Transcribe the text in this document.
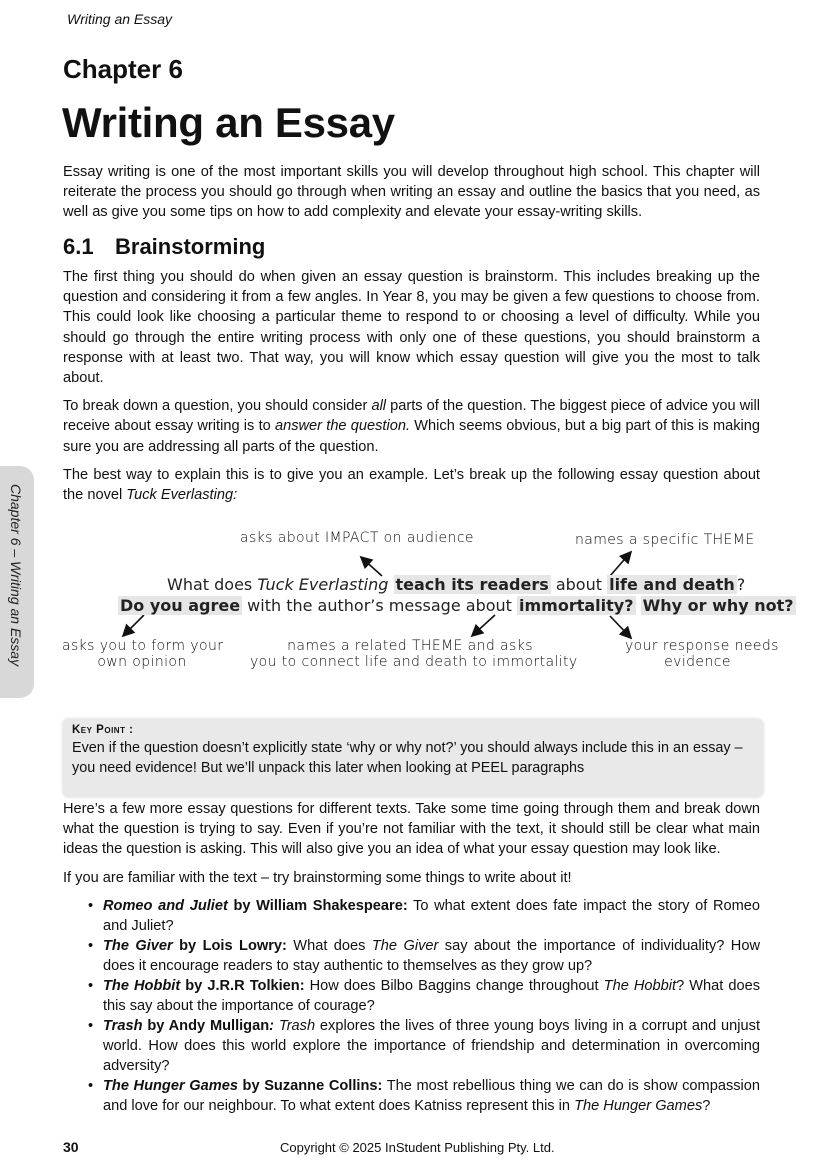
Writing an Essay
Chapter 6
Writing an Essay
Chapter 6 – Writing an Essay

Essay writing is one of the most important skills you will develop throughout high school. This chapter will reiterate the process you should go through when writing an essay and outline the basics that you need, as well as give you some tips on how to add complexity and elevate your essay-writing skills.

6.1 Brainstorming

The first thing you should do when given an essay question is brainstorm. This includes breaking up the question and considering it from a few angles. In Year 8, you may be given a few questions to choose from. This could look like choosing a particular theme to respond to or choosing a level of difficulty. While you should go through the entire writing process with only one of these questions, you should brainstorm a response with at least two. That way, you will know which essay question will give you the most to talk about.

To break down a question, you should consider all parts of the question. The biggest piece of advice you will receive about essay writing is to answer the question. Which seems obvious, but a big part of this is making sure you are addressing all parts of the question.

The best way to explain this is to give you an example. Let’s break up the following essay question about the novel Tuck Everlasting:

asks about IMPACT on audience	names a specific THEME
What does Tuck Everlasting teach its readers about life and death ?
Do you agree with the author’s message about immortality? Why or why not?
asks you to form your
own opinion
names a related THEME and asks
you to connect life and death to immortality
your response needs
evidence
Key Point :
Even if the question doesn’t explicitly state ‘why or why not?’ you should always include this in an essay – you need evidence! But we’ll unpack this later when looking at PEEL paragraphs

Here’s a few more essay questions for different texts. Take some time going through them and break down what the question is trying to say. Even if you’re not familiar with the text, it should still be clear what main ideas the question is asking. This will also give you an idea of what your essay question may look like.

If you are familiar with the text – try brainstorming some things to write about it!

• Romeo and Juliet by William Shakespeare: To what extent does fate impact the story of Romeo and Juliet?
• The Giver by Lois Lowry: What does The Giver say about the importance of individuality? How does it encourage readers to stay authentic to themselves as they grow up?
• The Hobbit by J.R.R Tolkien: How does Bilbo Baggins change throughout The Hobbit? What does this say about the importance of courage?
• Trash by Andy Mulligan: Trash explores the lives of three young boys living in a corrupt and unjust world. How does this world explore the importance of friendship and determination in overcoming adversity?
• The Hunger Games by Suzanne Collins: The most rebellious thing we can do is show compassion and love for our neighbour. To what extent does Katniss represent this in The Hunger Games?
30	Copyright © 2025 InStudent Publishing Pty. Ltd.
